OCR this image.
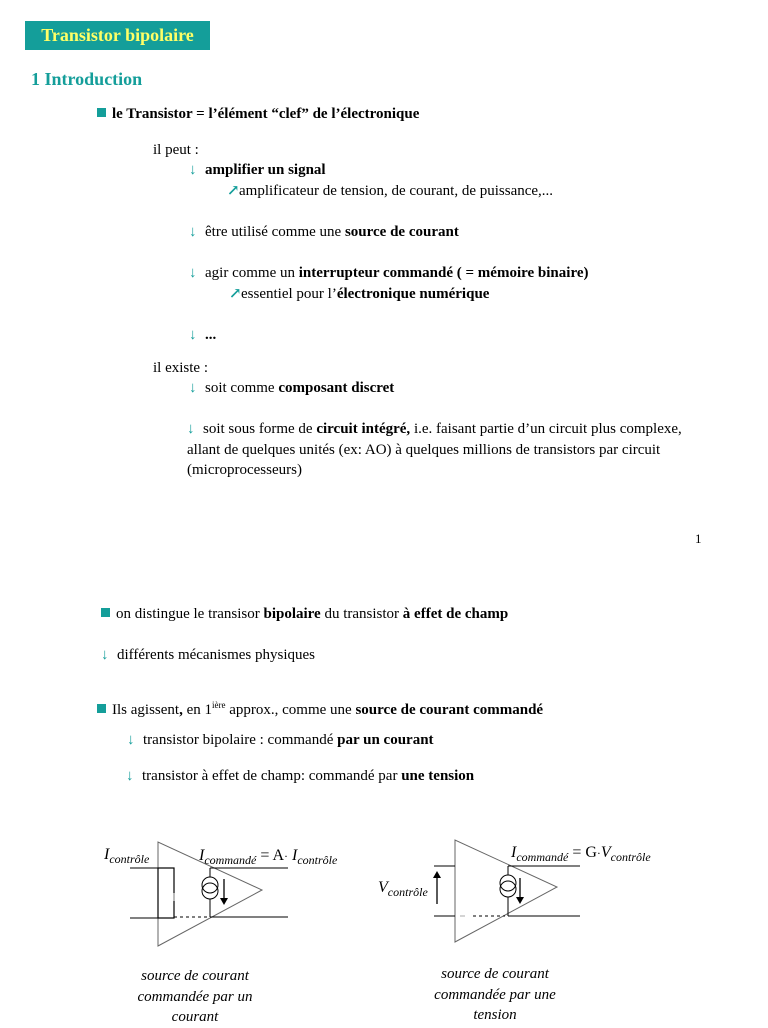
Transistor bipolaire
1 Introduction
le Transistor = l’élément “clef” de l’électronique
il peut :
↓ amplifier un signal
↗amplificateur de tension, de courant, de puissance,...
↓ être utilisé comme une source de courant
↓ agir comme un interrupteur commandé ( = mémoire binaire)
↗essentiel pour l’électronique numérique
↓ ...
il existe :
↓ soit comme composant discret
↓ soit sous forme de circuit intégré, i.e. faisant partie d’un circuit plus complexe, allant de quelques unités (ex: AO) à quelques millions de transistors par circuit (microprocesseurs)
1
on distingue le transisor bipolaire du transistor à effet de champ
↓ différents mécanismes physiques
Ils agissent, en $1^{ière}$ approx., comme une source de courant commandé
↓ transistor bipolaire : commandé par un courant
↓ transistor à effet de champ: commandé par une tension
$I_{contrôle}$	$I_{commandé} = A\cdot I_{contrôle}$
source de courant
commandée par un
courant
$I_{commandé} = G\cdot V_{contrôle}$
$V_{contrôle}$
source de courant
commandée par une
tension
